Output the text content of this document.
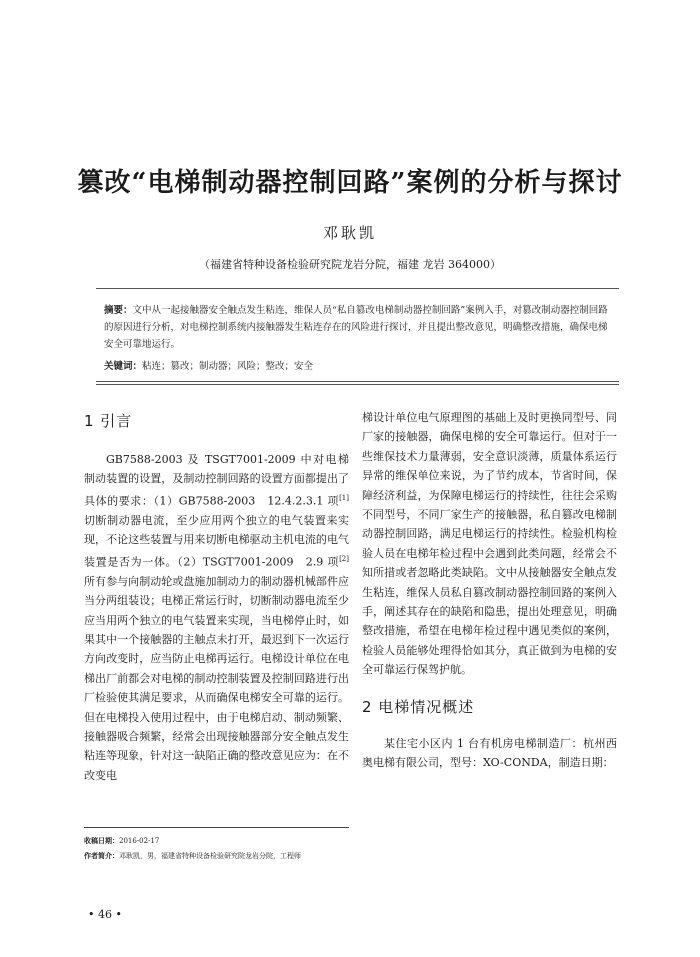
篡改“电梯制动器控制回路”案例的分析与探讨
邓耿凯
（福建省特种设备检验研究院龙岩分院，福建 龙岩 364000）
摘要：文中从一起接触器安全触点发生粘连，维保人员“私自篡改电梯制动器控制回路”案例入手，对篡改制动器控制回路的原因进行分析，对电梯控制系统内接触器发生粘连存在的风险进行探讨，并且提出整改意见，明确整改措施，确保电梯安全可靠地运行。
关键词：粘连；篡改；制动器；风险；整改；安全
1 引言

GB7588-2003 及 TSGT7001-2009 中对电梯制动装置的设置，及制动控制回路的设置方面都提出了具体的要求：（1）GB7588-2003　12.4.2.3.1 项[1]切断制动器电流，至少应用两个独立的电气装置来实现，不论这些装置与用来切断电梯驱动主机电流的电气装置是否为一体。（2）TSGT7001-2009　2.9 项[2]所有参与向制动轮或盘施加制动力的制动器机械部件应当分两组装设；电梯正常运行时，切断制动器电流至少应当用两个独立的电气装置来实现，当电梯停止时，如果其中一个接触器的主触点未打开，最迟到下一次运行方向改变时，应当防止电梯再运行。电梯设计单位在电梯出厂前都会对电梯的制动控制装置及控制回路进行出厂检验使其满足要求，从而确保电梯安全可靠的运行。但在电梯投入使用过程中，由于电梯启动、制动频繁、接触器吸合频繁，经常会出现接触器部分安全触点发生粘连等现象，针对这一缺陷正确的整改意见应为：在不改变电

梯设计单位电气原理图的基础上及时更换同型号、同厂家的接触器，确保电梯的安全可靠运行。但对于一些维保技术力量薄弱，安全意识淡薄，质量体系运行异常的维保单位来说，为了节约成本，节省时间，保障经济利益，为保障电梯运行的持续性，往往会采购不同型号，不同厂家生产的接触器，私自篡改电梯制动器控制回路，满足电梯运行的持续性。检验机构检验人员在电梯年检过程中会遇到此类问题，经常会不知所措或者忽略此类缺陷。文中从接触器安全触点发生粘连，维保人员私自篡改制动器控制回路的案例入手，阐述其存在的缺陷和隐患，提出处理意见，明确整改措施，希望在电梯年检过程中遇见类似的案例，检验人员能够处理得恰如其分，真正做到为电梯的安全可靠运行保驾护航。

2 电梯情况概述

某住宅小区内 1 台有机房电梯制造厂：杭州西奥电梯有限公司，型号：XO-CONDA，制造日期：

收稿日期：2016-02-17
作者简介：邓耿凯，男，福建省特种设备检验研究院龙岩分院，工程师
• 46 •
